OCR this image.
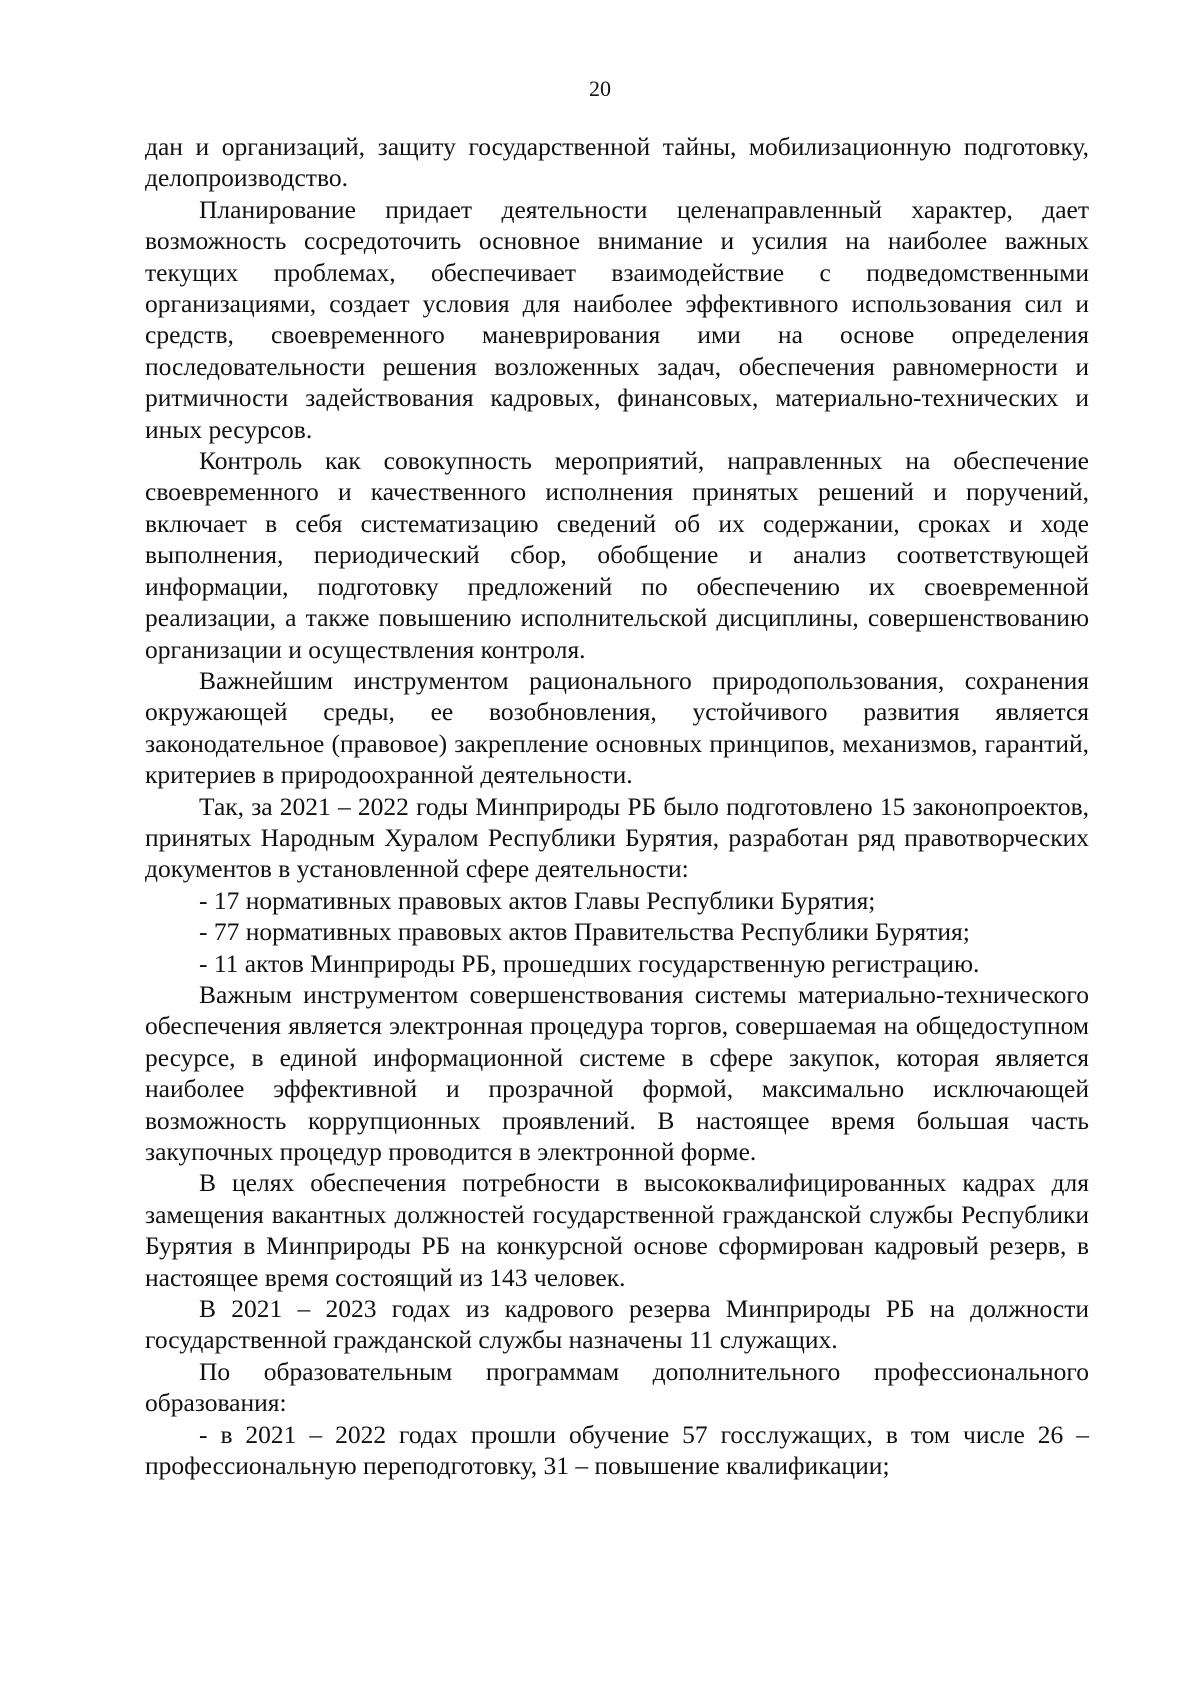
20

дан и организаций, защиту государственной тайны, мобилизационную подготовку, делопроизводство.

Планирование придает деятельности целенаправленный характер, дает возможность сосредоточить основное внимание и усилия на наиболее важных текущих проблемах, обеспечивает взаимодействие с подведомственными организациями, создает условия для наиболее эффективного использования сил и средств, своевременного маневрирования ими на основе определения последовательности решения возложенных задач, обеспечения равномерности и ритмичности задействования кадровых, финансовых, материально-технических и иных ресурсов.

Контроль как совокупность мероприятий, направленных на обеспечение своевременного и качественного исполнения принятых решений и поручений, включает в себя систематизацию сведений об их содержании, сроках и ходе выполнения, периодический сбор, обобщение и анализ соответствующей информации, подготовку предложений по обеспечению их своевременной реализации, а также повышению исполнительской дисциплины, совершенствованию организации и осуществления контроля.

Важнейшим инструментом рационального природопользования, сохранения окружающей среды, ее возобновления, устойчивого развития является законодательное (правовое) закрепление основных принципов, механизмов, гарантий, критериев в природоохранной деятельности.

Так, за 2021 – 2022 годы Минприроды РБ было подготовлено 15 законопроектов, принятых Народным Хуралом Республики Бурятия, разработан ряд правотворческих документов в установленной сфере деятельности:

- 17 нормативных правовых актов Главы Республики Бурятия;

- 77 нормативных правовых актов Правительства Республики Бурятия;

- 11 актов Минприроды РБ, прошедших государственную регистрацию.

Важным инструментом совершенствования системы материально-технического обеспечения является электронная процедура торгов, совершаемая на общедоступном ресурсе, в единой информационной системе в сфере закупок, которая является наиболее эффективной и прозрачной формой, максимально исключающей возможность коррупционных проявлений. В настоящее время большая часть закупочных процедур проводится в электронной форме.

В целях обеспечения потребности в высококвалифицированных кадрах для замещения вакантных должностей государственной гражданской службы Республики Бурятия в Минприроды РБ на конкурсной основе сформирован кадровый резерв, в настоящее время состоящий из 143 человек.

В 2021 – 2023 годах из кадрового резерва Минприроды РБ на должности государственной гражданской службы назначены 11 служащих.

По образовательным программам дополнительного профессионального образования:

- в 2021 – 2022 годах прошли обучение 57 госслужащих, в том числе 26 – профессиональную переподготовку, 31 – повышение квалификации;
